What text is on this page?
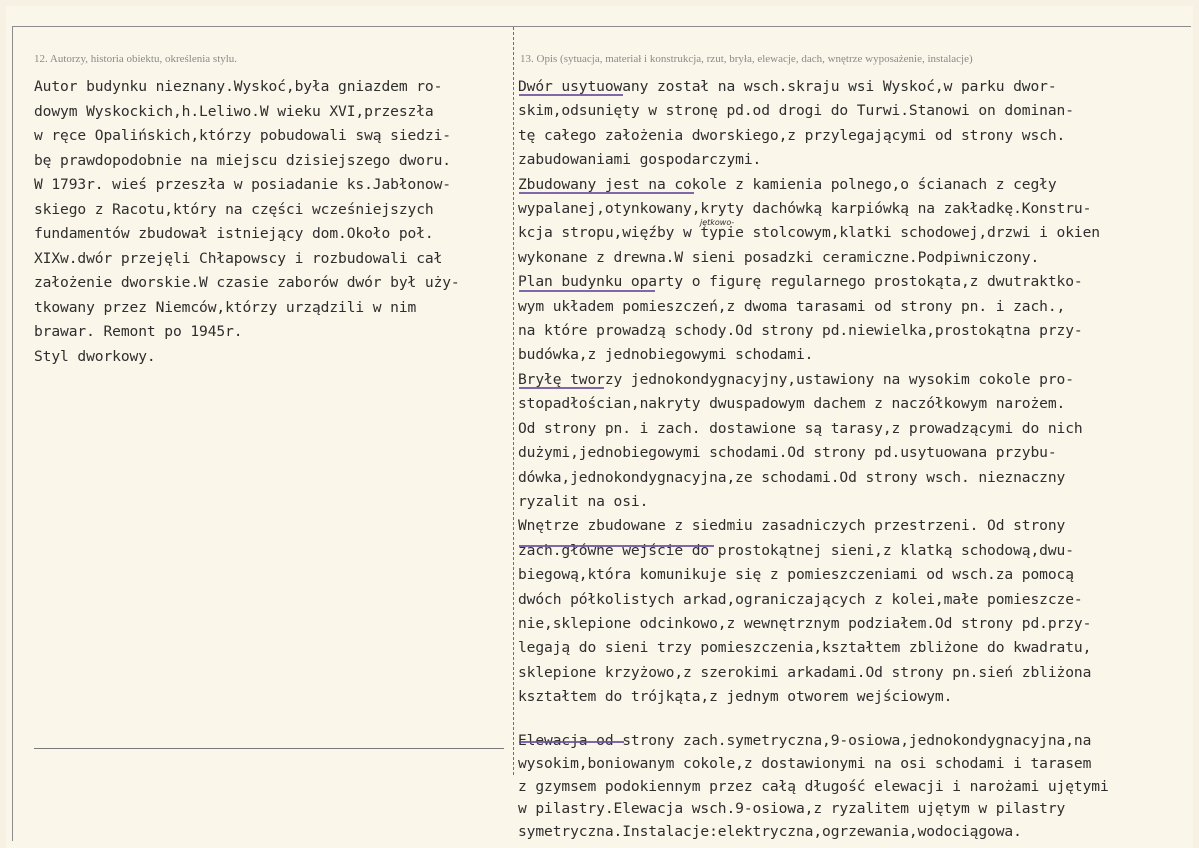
12. Autorzy, historia obiektu, określenia stylu.	13. Opis (sytuacja, materiał i konstrukcja, rzut, bryła, elewacje, dach, wnętrze wyposażenie, instalacje)
Autor budynku nieznany.Wyskoć,była gniazdem ro-
dowym Wyskockich,h.Leliwo.W wieku XVI,przeszła
w ręce Opalińskich,którzy pobudowali swą siedzi-
bę prawdopodobnie na miejscu dzisiejszego dworu.
W 1793r. wieś przeszła w posiadanie ks.Jabłonow-
skiego z Racotu,który na części wcześniejszych
fundamentów zbudował istniejący dom.Około poł.
XIXw.dwór przejęli Chłapowscy i rozbudowali cał
założenie dworskie.W czasie zaborów dwór był uży-
tkowany przez Niemców,którzy urządzili w nim
brawar. Remont po 1945r.
Styl dworkowy.
Dwór usytuowany został na wsch.skraju wsi Wyskoć,w parku dwor-
skim,odsunięty w stronę pd.od drogi do Turwi.Stanowi on dominan-
tę całego założenia dworskiego,z przylegającymi od strony wsch.
zabudowaniami gospodarczymi.
Zbudowany jest na cokole z kamienia polnego,o ścianach z cegły
wypalanej,otynkowany,kryty dachówką karpiówką na zakładkę.Konstru-
kcja stropu,więźby w typie stolcowym,klatki schodowej,drzwi i okien
wykonane z drewna.W sieni posadzki ceramiczne.Podpiwniczony.
Plan budynku oparty o figurę regularnego prostokąta,z dwutraktko-
wym układem pomieszczeń,z dwoma tarasami od strony pn. i zach.,
na które prowadzą schody.Od strony pd.niewielka,prostokątna przy-
budówka,z jednobiegowymi schodami.
Bryłę tworzy jednokondygnacyjny,ustawiony na wysokim cokole pro-
stopadłościan,nakryty dwuspadowym dachem z naczółkowym narożem.
Od strony pn. i zach. dostawione są tarasy,z prowadzącymi do nich
dużymi,jednobiegowymi schodami.Od strony pd.usytuowana przybu-
dówka,jednokondygnacyjna,ze schodami.Od strony wsch. nieznaczny
ryzalit na osi.
Wnętrze zbudowane z siedmiu zasadniczych przestrzeni. Od strony
zach.główne wejście do prostokątnej sieni,z klatką schodową,dwu-
biegową,która komunikuje się z pomieszczeniami od wsch.za pomocą
dwóch półkolistych arkad,ograniczających z kolei,małe pomieszcze-
nie,sklepione odcinkowo,z wewnętrznym podziałem.Od strony pd.przy-
legają do sieni trzy pomieszczenia,kształtem zbliżone do kwadratu,
sklepione krzyżowo,z szerokimi arkadami.Od strony pn.sień zbliżona
kształtem do trójkąta,z jednym otworem wejściowym.
Elewacja od strony zach.symetryczna,9-osiowa,jednokondygnacyjna,na
wysokim,boniowanym cokole,z dostawionymi na osi schodami i tarasem
z gzymsem podokiennym przez całą długość elewacji i narożami ujętymi
w pilastry.Elewacja wsch.9-osiowa,z ryzalitem ujętym w pilastry
symetryczna.Instalacje:elektryczna,ogrzewania,wodociągowa.
jętkowo-
